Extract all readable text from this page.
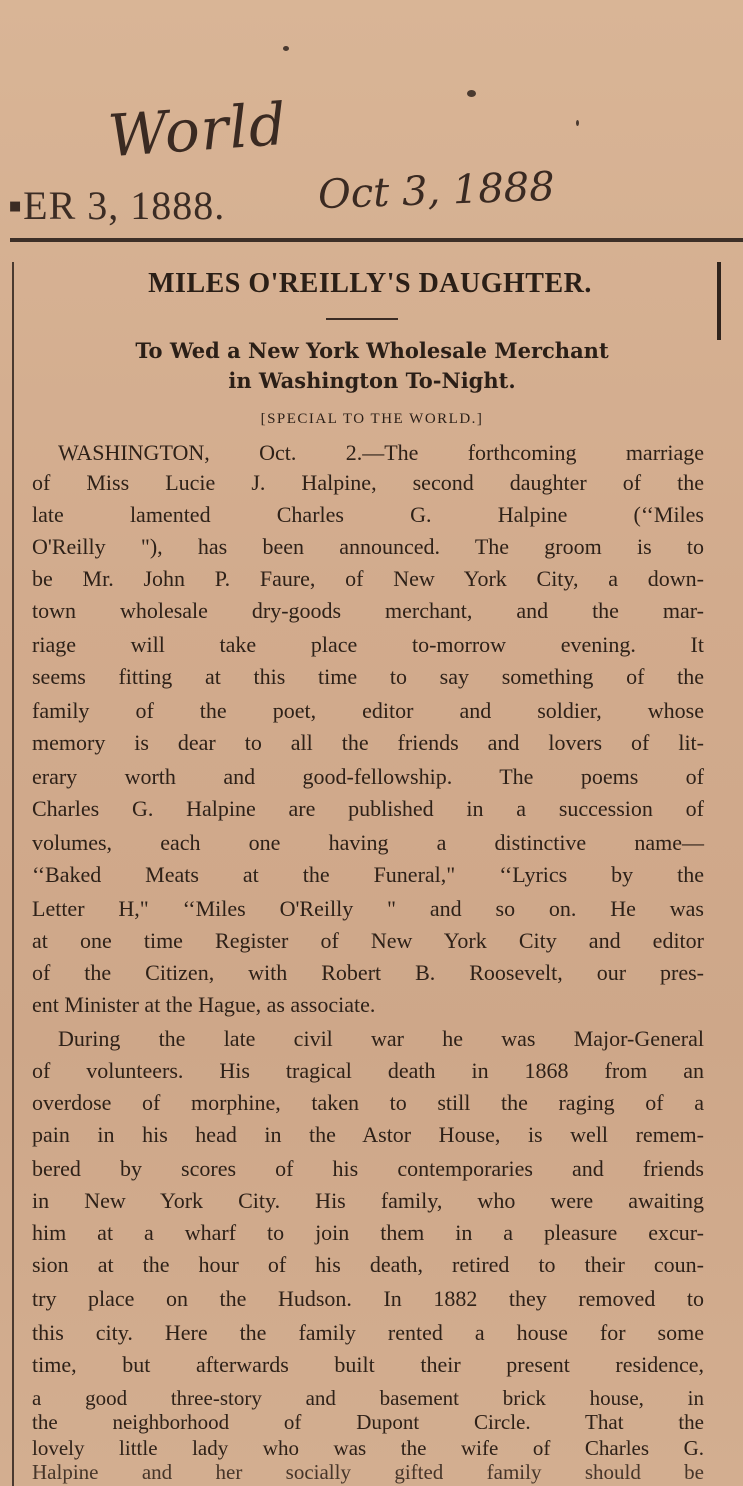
World
▪ER 3, 1888. Oct 3, 1888
MILES O'REILLY'S DAUGHTER.
To Wed a New York Wholesale Merchant
in Washington To-Night.
[SPECIAL TO THE WORLD.]
WASHINGTON, Oct. 2.—The forthcoming marriage
of Miss Lucie J. Halpine, second daughter of the
late lamented Charles G. Halpine (‘‘Miles
O'Reilly "), has been announced. The groom is to
be Mr. John P. Faure, of New York City, a down-
town wholesale dry-goods merchant, and the mar-
riage will take place to-morrow evening. It
seems fitting at this time to say something of the
family of the poet, editor and soldier, whose
memory is dear to all the friends and lovers of lit-
erary worth and good-fellowship. The poems of
Charles G. Halpine are published in a succession of
volumes, each one having a distinctive name—
‘‘Baked Meats at the Funeral," ‘‘Lyrics by the
Letter H," ‘‘Miles O'Reilly " and so on. He was
at one time Register of New York City and editor
of the Citizen, with Robert B. Roosevelt, our pres-
ent Minister at the Hague, as associate.
During the late civil war he was Major-General
of volunteers. His tragical death in 1868 from an
overdose of morphine, taken to still the raging of a
pain in his head in the Astor House, is well remem-
bered by scores of his contemporaries and friends
in New York City. His family, who were awaiting
him at a wharf to join them in a pleasure excur-
sion at the hour of his death, retired to their coun-
try place on the Hudson. In 1882 they removed to
this city. Here the family rented a house for some
time, but afterwards built their present residence,
a good three-story and basement brick house, in
the neighborhood of Dupont Circle. That the
lovely little lady who was the wife of Charles G.
Halpine and her socially gifted family should be
